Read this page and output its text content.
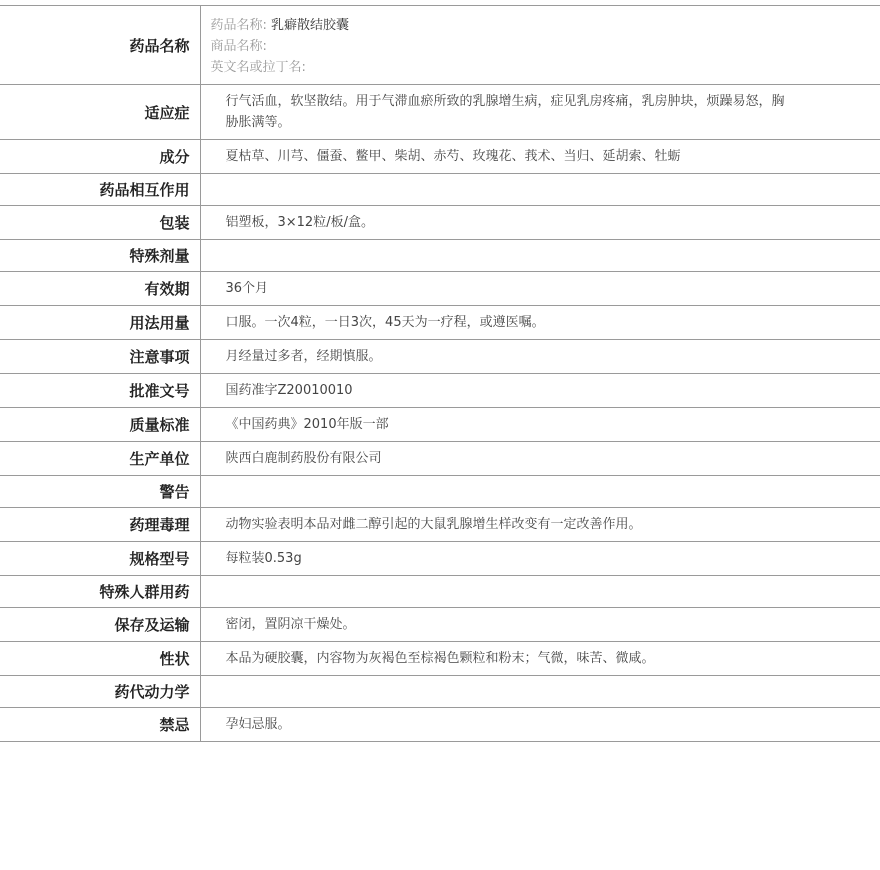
药品名称	药品名称: 乳癖散结胶囊
商品名称:
英文名或拉丁名:

适应症	行气活血，软坚散结。用于气滞血瘀所致的乳腺增生病，症见乳房疼痛，乳房肿块，烦躁易怒，胸胁胀满等。
成分	夏枯草、川芎、僵蚕、鳖甲、柴胡、赤芍、玫瑰花、莪术、当归、延胡索、牡蛎
药品相互作用	
包装	铝塑板，3×12粒/板/盒。
特殊剂量	
有效期	36个月
用法用量	口服。一次4粒，一日3次，45天为一疗程，或遵医嘱。
注意事项	月经量过多者，经期慎服。
批准文号	国药准字Z20010010
质量标准	《中国药典》2010年版一部
生产单位	陕西白鹿制药股份有限公司
警告	
药理毒理	动物实验表明本品对雌二醇引起的大鼠乳腺增生样改变有一定改善作用。
规格型号	每粒装0.53g
特殊人群用药	
保存及运输	密闭，置阴凉干燥处。
性状	本品为硬胶囊，内容物为灰褐色至棕褐色颗粒和粉末；气微，味苦、微咸。
药代动力学	
禁忌	孕妇忌服。
